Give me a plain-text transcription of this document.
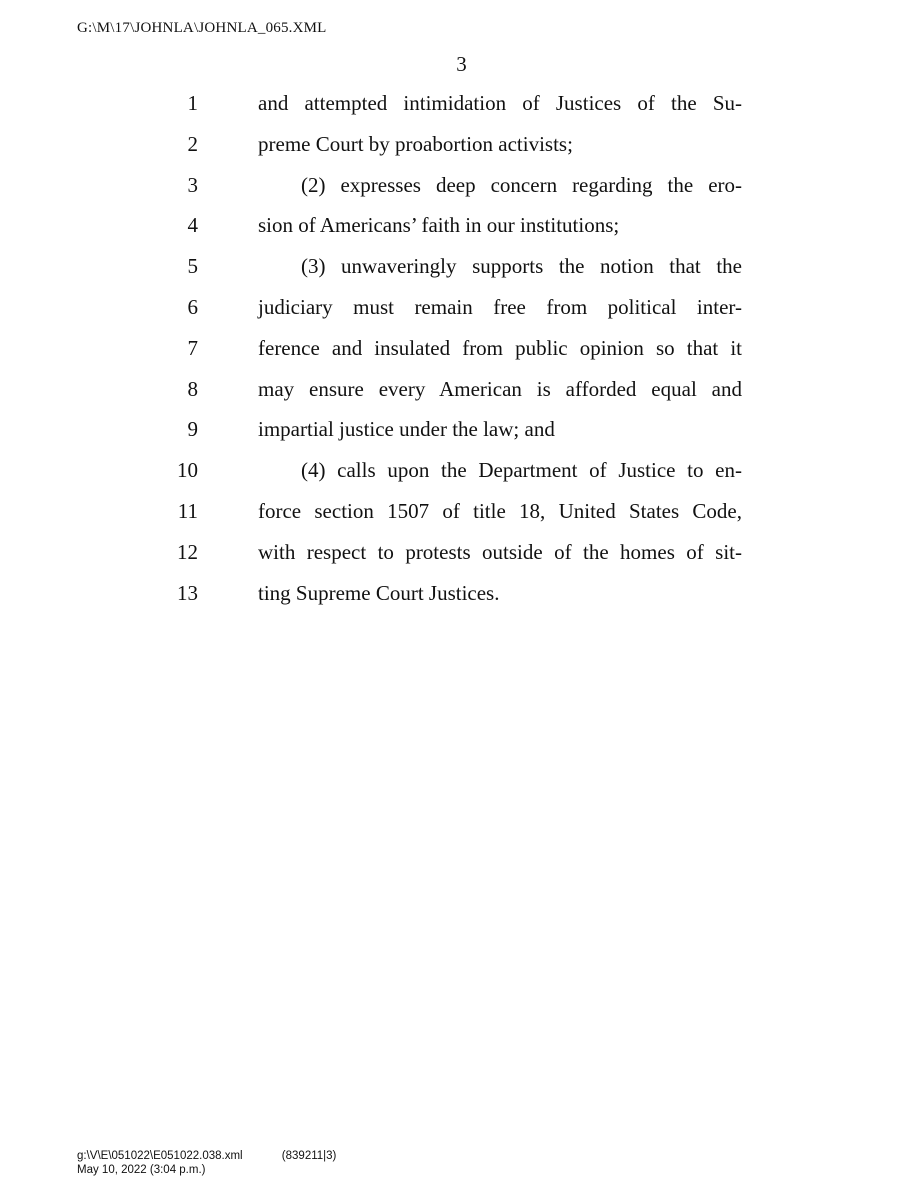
G:\M\17\JOHNLA\JOHNLA_065.XML
3
1	and attempted intimidation of Justices of the Su-
2	preme Court by proabortion activists;
3	(2) expresses deep concern regarding the ero-
4	sion of Americans’ faith in our institutions;
5	(3) unwaveringly supports the notion that the
6	judiciary must remain free from political inter-
7	ference and insulated from public opinion so that it
8	may ensure every American is afforded equal and
9	impartial justice under the law; and
10	(4) calls upon the Department of Justice to en-
11	force section 1507 of title 18, United States Code,
12	with respect to protests outside of the homes of sit-
13	ting Supreme Court Justices.
g:\V\E\051022\E051022.038.xml	(839211|3)
May 10, 2022 (3:04 p.m.)
